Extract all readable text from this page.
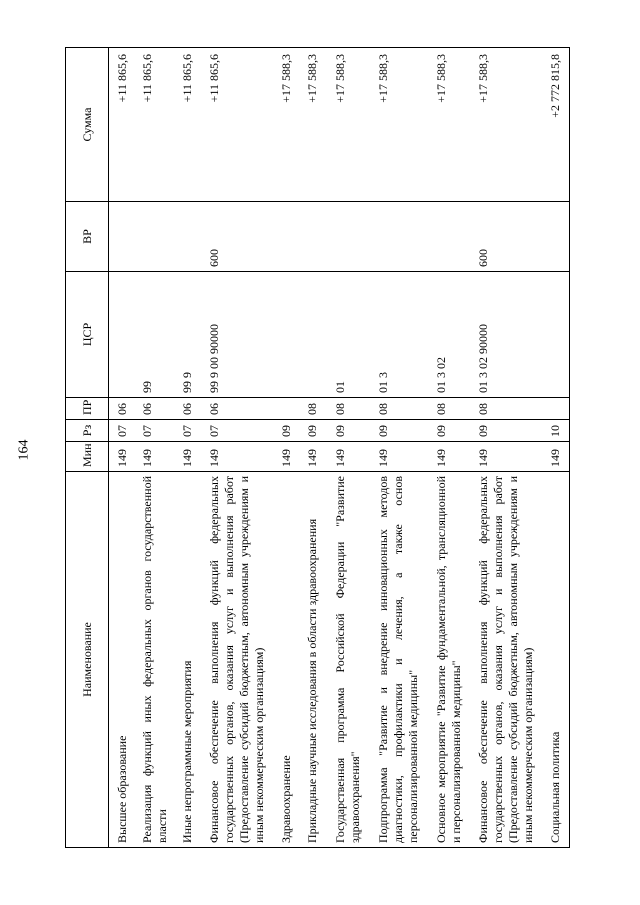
164
Наименование	Мин	Рз	ПР	ЦСР	ВР	Сумма
Высшее образование	149	07	06			+11 865,6
Реализация функций иных федеральных органов государственной власти	149	07	06	99		+11 865,6
Иные непрограммные мероприятия	149	07	06	99 9		+11 865,6
Финансовое обеспечение выполнения функций федеральных государственных органов, оказания услуг и выполнения работ (Предоставление субсидий бюджетным, автономным учреждениям и иным некоммерческим организациям)	149	07	06	99 9 00 90000	600	+11 865,6
Здравоохранение	149	09				+17 588,3
Прикладные научные исследования в области здравоохранения	149	09	08			+17 588,3
Государственная программа Российской Федерации "Развитие здравоохранения"	149	09	08	01		+17 588,3
Подпрограмма "Развитие и внедрение инновационных методов диагностики, профилактики и лечения, а также основ персонализированной медицины"	149	09	08	01 3		+17 588,3
Основное мероприятие "Развитие фундаментальной, трансляционной и персонализированной медицины"	149	09	08	01 3 02		+17 588,3
Финансовое обеспечение выполнения функций федеральных государственных органов, оказания услуг и выполнения работ (Предоставление субсидий бюджетным, автономным учреждениям и иным некоммерческим организациям)	149	09	08	01 3 02 90000	600	+17 588,3
Социальная политика	149	10				+2 772 815,8
